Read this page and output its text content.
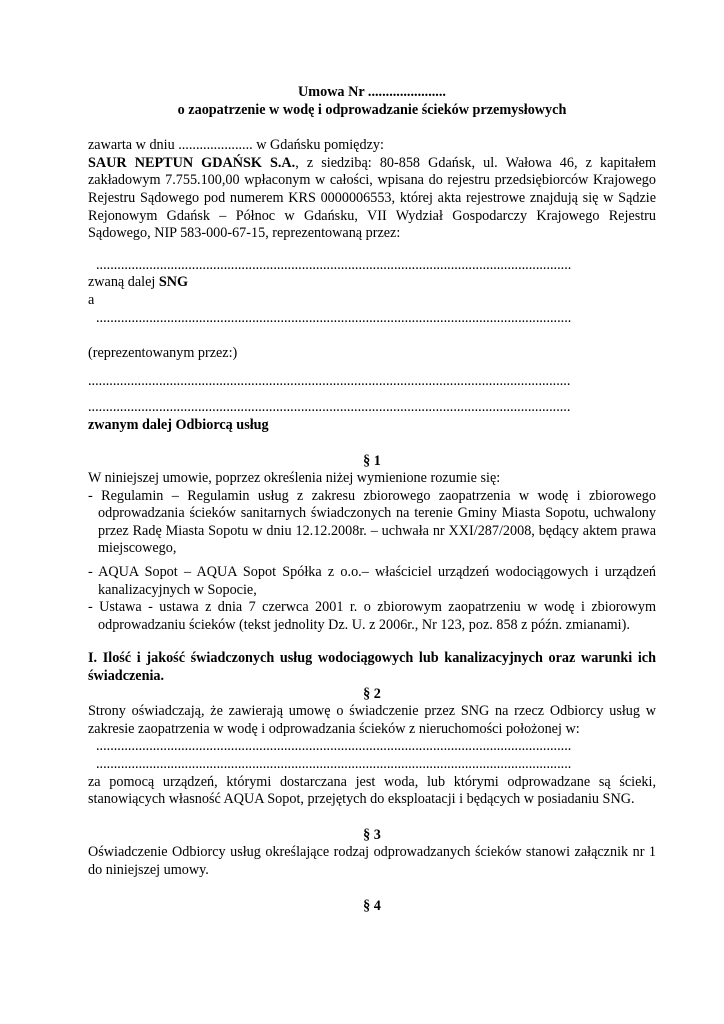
Umowa Nr ......................

o zaopatrzenie w wodę i odprowadzanie ścieków przemysłowych

zawarta w dniu ..................... w Gdańsku pomiędzy:

SAUR NEPTUN GDAŃSK S.A., z siedzibą: 80-858 Gdańsk, ul. Wałowa 46, z kapitałem zakładowym 7.755.100,00 wpłaconym w całości, wpisana do rejestru przedsiębiorców Krajowego Rejestru Sądowego pod numerem KRS 0000006553, której akta rejestrowe znajdują się w Sądzie Rejonowym Gdańsk – Północ w Gdańsku, VII Wydział Gospodarczy Krajowego Rejestru Sądowego, NIP 583-000-67-15, reprezentowaną przez:

......................................................................................................................................

zwaną dalej SNG

a

......................................................................................................................................

(reprezentowanym przez:)

........................................................................................................................................

........................................................................................................................................

zwanym dalej Odbiorcą usług

§ 1

W niniejszej umowie, poprzez określenia niżej wymienione rozumie się:

- Regulamin – Regulamin usług z zakresu zbiorowego zaopatrzenia w wodę i zbiorowego odprowadzania ścieków sanitarnych świadczonych na terenie Gminy Miasta Sopotu, uchwalony przez Radę Miasta Sopotu w dniu 12.12.2008r. – uchwała nr XXI/287/2008, będący aktem prawa miejscowego,

- AQUA Sopot – AQUA Sopot Spółka z o.o.– właściciel urządzeń wodociągowych i urządzeń kanalizacyjnych w Sopocie,

- Ustawa - ustawa z dnia 7 czerwca 2001 r. o zbiorowym zaopatrzeniu w wodę i zbiorowym odprowadzaniu ścieków (tekst jednolity Dz. U. z 2006r., Nr 123, poz. 858 z późn. zmianami).

I. Ilość i jakość świadczonych usług wodociągowych lub kanalizacyjnych oraz warunki ich świadczenia.

§ 2

Strony oświadczają, że zawierają umowę o świadczenie przez SNG na rzecz Odbiorcy usług w zakresie zaopatrzenia w wodę i odprowadzania ścieków z nieruchomości położonej w:

......................................................................................................................................

......................................................................................................................................

za pomocą urządzeń, którymi dostarczana jest woda, lub którymi odprowadzane są ścieki, stanowiących własność AQUA Sopot, przejętych do eksploatacji i będących w posiadaniu SNG.

§ 3

Oświadczenie Odbiorcy usług określające rodzaj odprowadzanych ścieków stanowi załącznik nr 1 do niniejszej umowy.

§ 4
